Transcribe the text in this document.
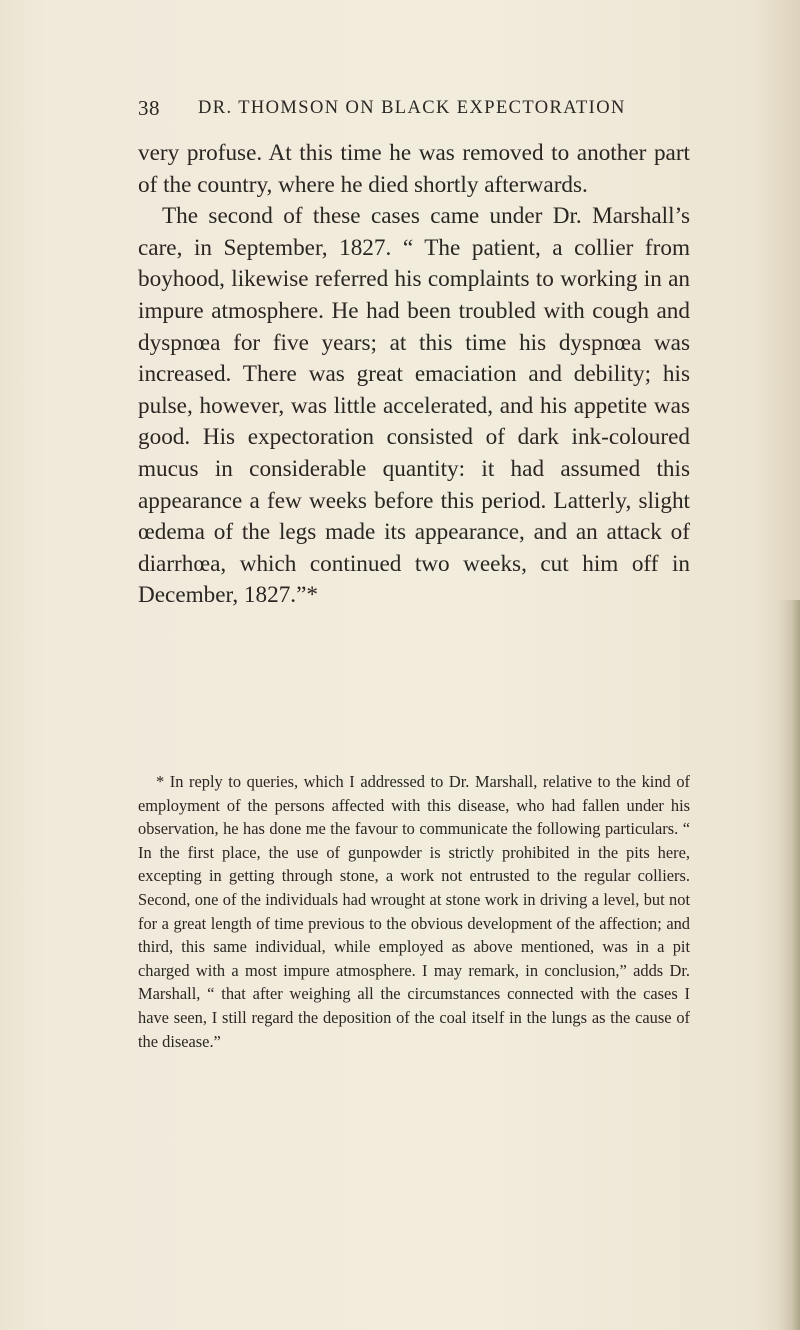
38 DR. THOMSON ON BLACK EXPECTORATION

very profuse. At this time he was removed to another part of the country, where he died shortly afterwards.

The second of these cases came under Dr. Marshall’s care, in September, 1827. “ The patient, a collier from boyhood, likewise referred his complaints to working in an impure atmosphere. He had been troubled with cough and dyspnœa for five years; at this time his dyspnœa was increased. There was great emaciation and debility; his pulse, however, was little accelerated, and his appetite was good. His expectoration consisted of dark ink-coloured mucus in considerable quantity: it had assumed this appearance a few weeks before this period. Latterly, slight œdema of the legs made its appearance, and an attack of diarrhœa, which continued two weeks, cut him off in December, 1827.”*

* In reply to queries, which I addressed to Dr. Marshall, relative to the kind of employment of the persons affected with this disease, who had fallen under his observation, he has done me the favour to communicate the following particulars. “ In the first place, the use of gunpowder is strictly prohibited in the pits here, excepting in getting through stone, a work not entrusted to the regular colliers. Second, one of the individuals had wrought at stone work in driving a level, but not for a great length of time previous to the obvious development of the affection; and third, this same individual, while employed as above mentioned, was in a pit charged with a most impure atmosphere. I may remark, in conclusion,” adds Dr. Marshall, “ that after weighing all the circumstances connected with the cases I have seen, I still regard the deposition of the coal itself in the lungs as the cause of the disease.”
